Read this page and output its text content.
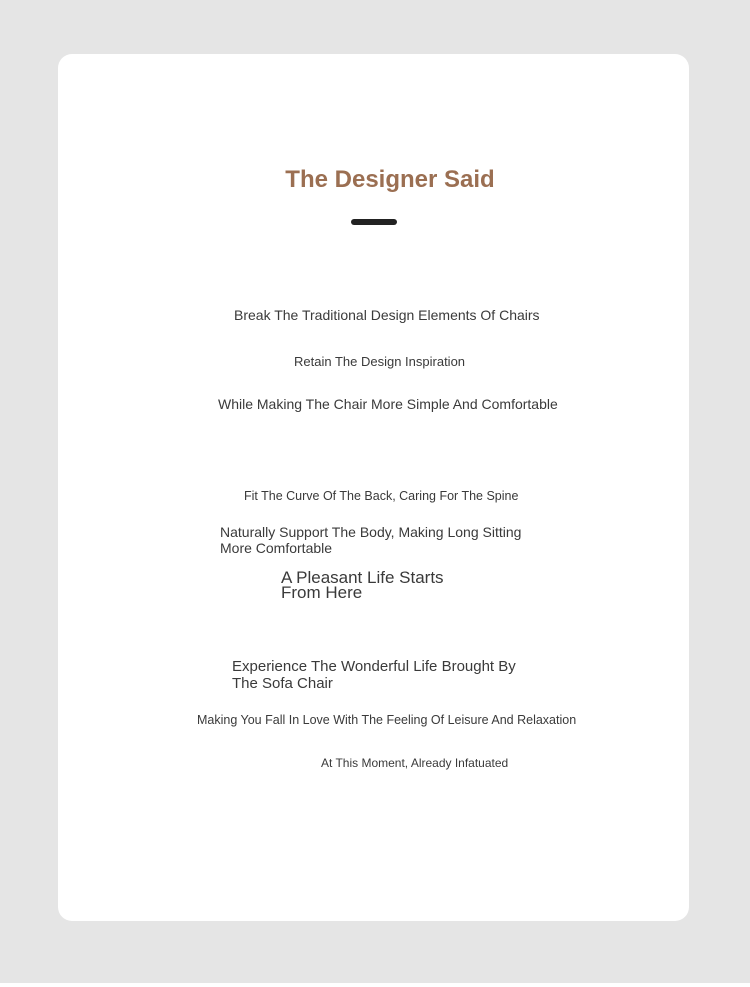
The Designer Said
Break The Traditional Design Elements Of Chairs
Retain The Design Inspiration
While Making The Chair More Simple And Comfortable
Fit The Curve Of The Back, Caring For The Spine
Naturally Support The Body, Making Long Sitting More Comfortable
A Pleasant Life Starts From Here
Experience The Wonderful Life Brought By The Sofa Chair
Making You Fall In Love With The Feeling Of Leisure And Relaxation
At This Moment, Already Infatuated
